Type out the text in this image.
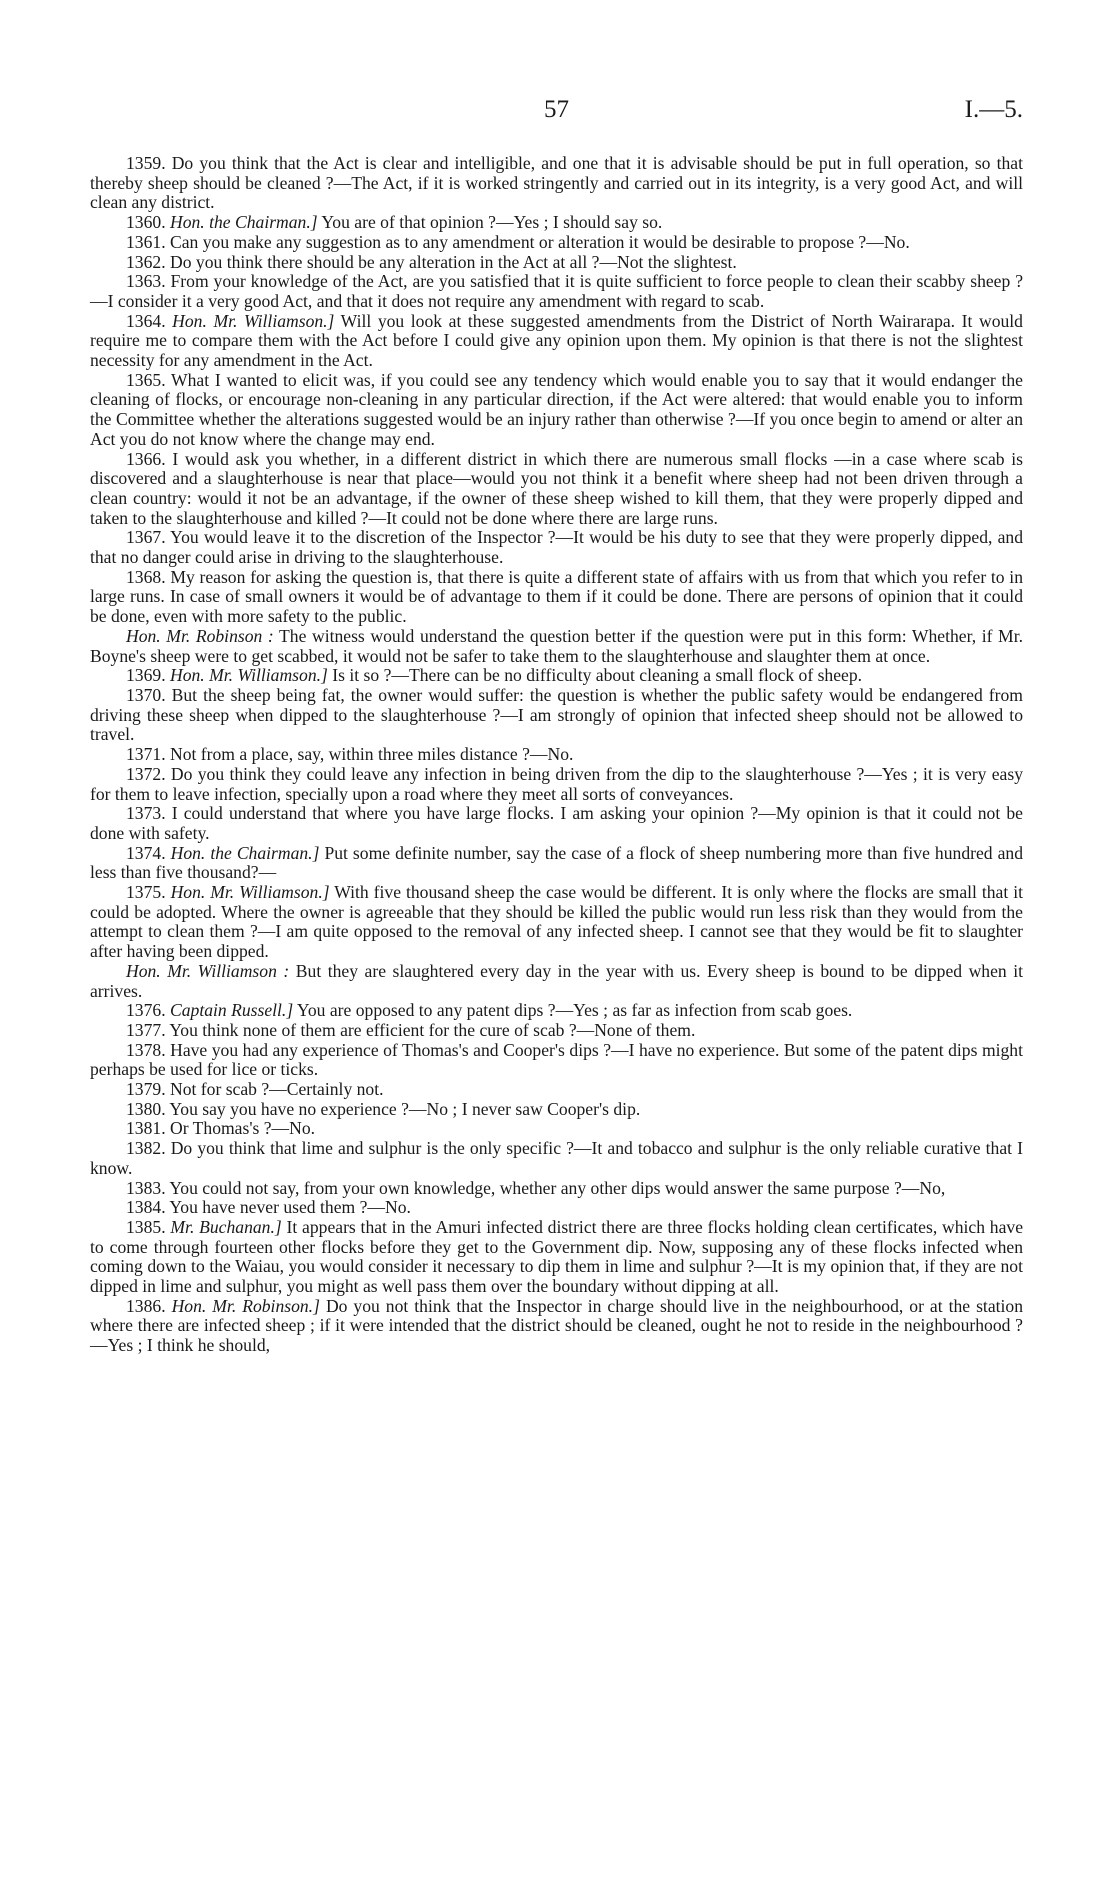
57	I.—5.

1359. Do you think that the Act is clear and intelligible, and one that it is advisable should be put in full operation, so that thereby sheep should be cleaned ?—The Act, if it is worked stringently and carried out in its integrity, is a very good Act, and will clean any district.

1360. Hon. the Chairman.] You are of that opinion ?—Yes ; I should say so.

1361. Can you make any suggestion as to any amendment or alteration it would be desirable to propose ?—No.

1362. Do you think there should be any alteration in the Act at all ?—Not the slightest.

1363. From your knowledge of the Act, are you satisfied that it is quite sufficient to force people to clean their scabby sheep ?—I consider it a very good Act, and that it does not require any amendment with regard to scab.

1364. Hon. Mr. Williamson.] Will you look at these suggested amendments from the District of North Wairarapa. It would require me to compare them with the Act before I could give any opinion upon them. My opinion is that there is not the slightest necessity for any amendment in the Act.

1365. What I wanted to elicit was, if you could see any tendency which would enable you to say that it would endanger the cleaning of flocks, or encourage non-cleaning in any particular direction, if the Act were altered: that would enable you to inform the Committee whether the alterations suggested would be an injury rather than otherwise ?—If you once begin to amend or alter an Act you do not know where the change may end.

1366. I would ask you whether, in a different district in which there are numerous small flocks —in a case where scab is discovered and a slaughterhouse is near that place—would you not think it a benefit where sheep had not been driven through a clean country: would it not be an advantage, if the owner of these sheep wished to kill them, that they were properly dipped and taken to the slaughterhouse and killed ?—It could not be done where there are large runs.

1367. You would leave it to the discretion of the Inspector ?—It would be his duty to see that they were properly dipped, and that no danger could arise in driving to the slaughterhouse.

1368. My reason for asking the question is, that there is quite a different state of affairs with us from that which you refer to in large runs. In case of small owners it would be of advantage to them if it could be done. There are persons of opinion that it could be done, even with more safety to the public.

Hon. Mr. Robinson : The witness would understand the question better if the question were put in this form: Whether, if Mr. Boyne's sheep were to get scabbed, it would not be safer to take them to the slaughterhouse and slaughter them at once.

1369. Hon. Mr. Williamson.] Is it so ?—There can be no difficulty about cleaning a small flock of sheep.

1370. But the sheep being fat, the owner would suffer: the question is whether the public safety would be endangered from driving these sheep when dipped to the slaughterhouse ?—I am strongly of opinion that infected sheep should not be allowed to travel.

1371. Not from a place, say, within three miles distance ?—No.

1372. Do you think they could leave any infection in being driven from the dip to the slaughterhouse ?—Yes ; it is very easy for them to leave infection, specially upon a road where they meet all sorts of conveyances.

1373. I could understand that where you have large flocks. I am asking your opinion ?—My opinion is that it could not be done with safety.

1374. Hon. the Chairman.] Put some definite number, say the case of a flock of sheep numbering more than five hundred and less than five thousand?—

1375. Hon. Mr. Williamson.] With five thousand sheep the case would be different. It is only where the flocks are small that it could be adopted. Where the owner is agreeable that they should be killed the public would run less risk than they would from the attempt to clean them ?—I am quite opposed to the removal of any infected sheep. I cannot see that they would be fit to slaughter after having been dipped.

Hon. Mr. Williamson : But they are slaughtered every day in the year with us. Every sheep is bound to be dipped when it arrives.

1376. Captain Russell.] You are opposed to any patent dips ?—Yes ; as far as infection from scab goes.

1377. You think none of them are efficient for the cure of scab ?—None of them.

1378. Have you had any experience of Thomas's and Cooper's dips ?—I have no experience. But some of the patent dips might perhaps be used for lice or ticks.

1379. Not for scab ?—Certainly not.

1380. You say you have no experience ?—No ; I never saw Cooper's dip.

1381. Or Thomas's ?—No.

1382. Do you think that lime and sulphur is the only specific ?—It and tobacco and sulphur is the only reliable curative that I know.

1383. You could not say, from your own knowledge, whether any other dips would answer the same purpose ?—No,

1384. You have never used them ?—No.

1385. Mr. Buchanan.] It appears that in the Amuri infected district there are three flocks holding clean certificates, which have to come through fourteen other flocks before they get to the Government dip. Now, supposing any of these flocks infected when coming down to the Waiau, you would consider it necessary to dip them in lime and sulphur ?—It is my opinion that, if they are not dipped in lime and sulphur, you might as well pass them over the boundary without dipping at all.

1386. Hon. Mr. Robinson.] Do you not think that the Inspector in charge should live in the neighbourhood, or at the station where there are infected sheep ; if it were intended that the district should be cleaned, ought he not to reside in the neighbourhood ?—Yes ; I think he should,
